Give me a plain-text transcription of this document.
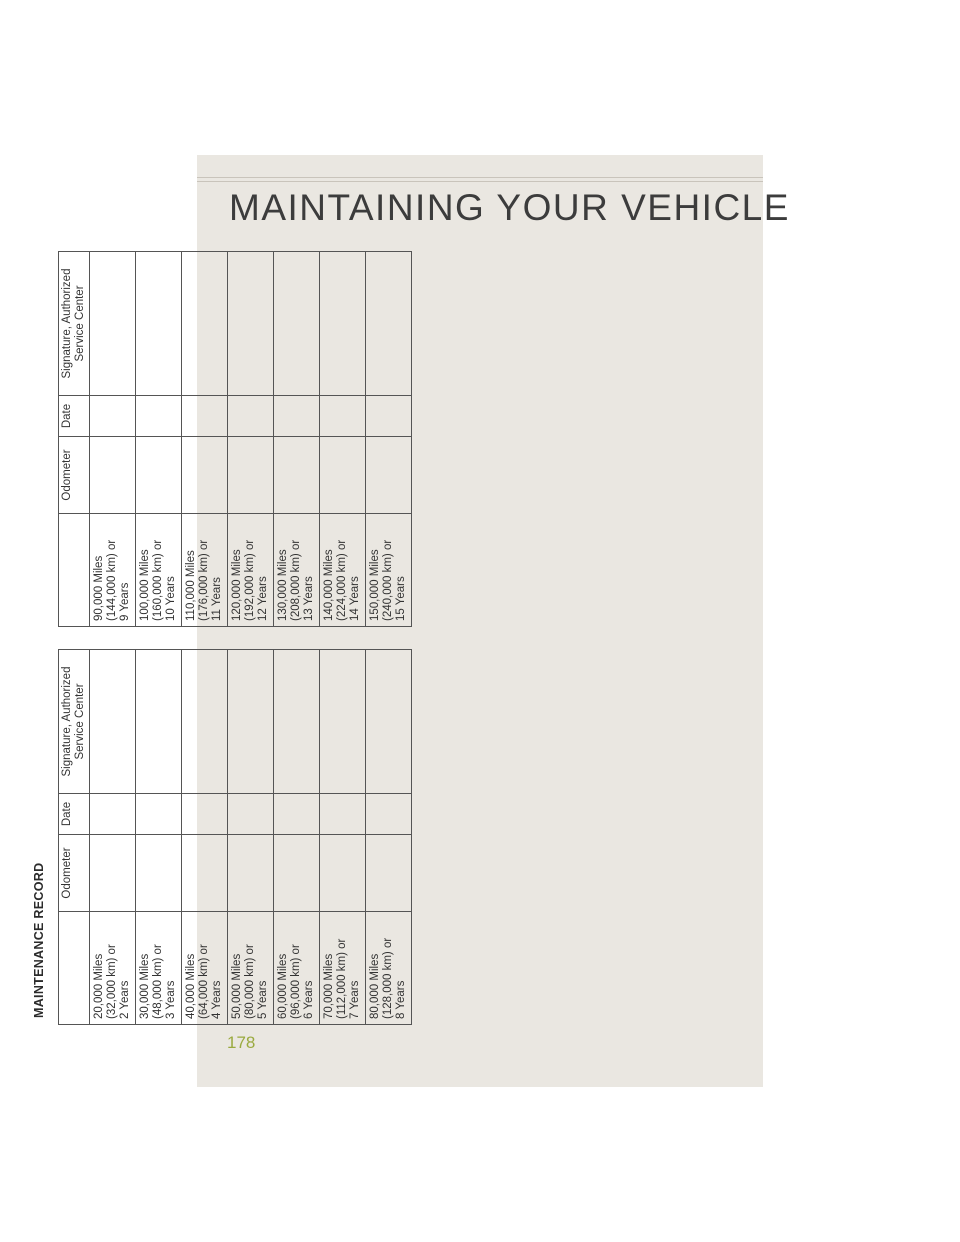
MAINTAINING YOUR VEHICLE
178
MAINTENANCE RECORD
	Odometer	Date	Signature, Authorized Service Center

90,000 Miles (144,000 km) or 9 Years			

100,000 Miles (160,000 km) or 10 Years			

110,000 Miles (176,000 km) or 11 Years			

120,000 Miles (192,000 km) or 12 Years			

130,000 Miles (208,000 km) or 13 Years			

140,000 Miles (224,000 km) or 14 Years			

150,000 Miles (240,000 km) or 15 Years			

	Odometer	Date	Signature, Authorized Service Center

20,000 Miles (32,000 km) or 2 Years			

30,000 Miles (48,000 km) or 3 Years			

40,000 Miles (64,000 km) or 4 Years			

50,000 Miles (80,000 km) or 5 Years			

60,000 Miles (96,000 km) or 6 Years			

70,000 Miles (112,000 km) or 7 Years			

80,000 Miles (128,000 km) or 8 Years			
